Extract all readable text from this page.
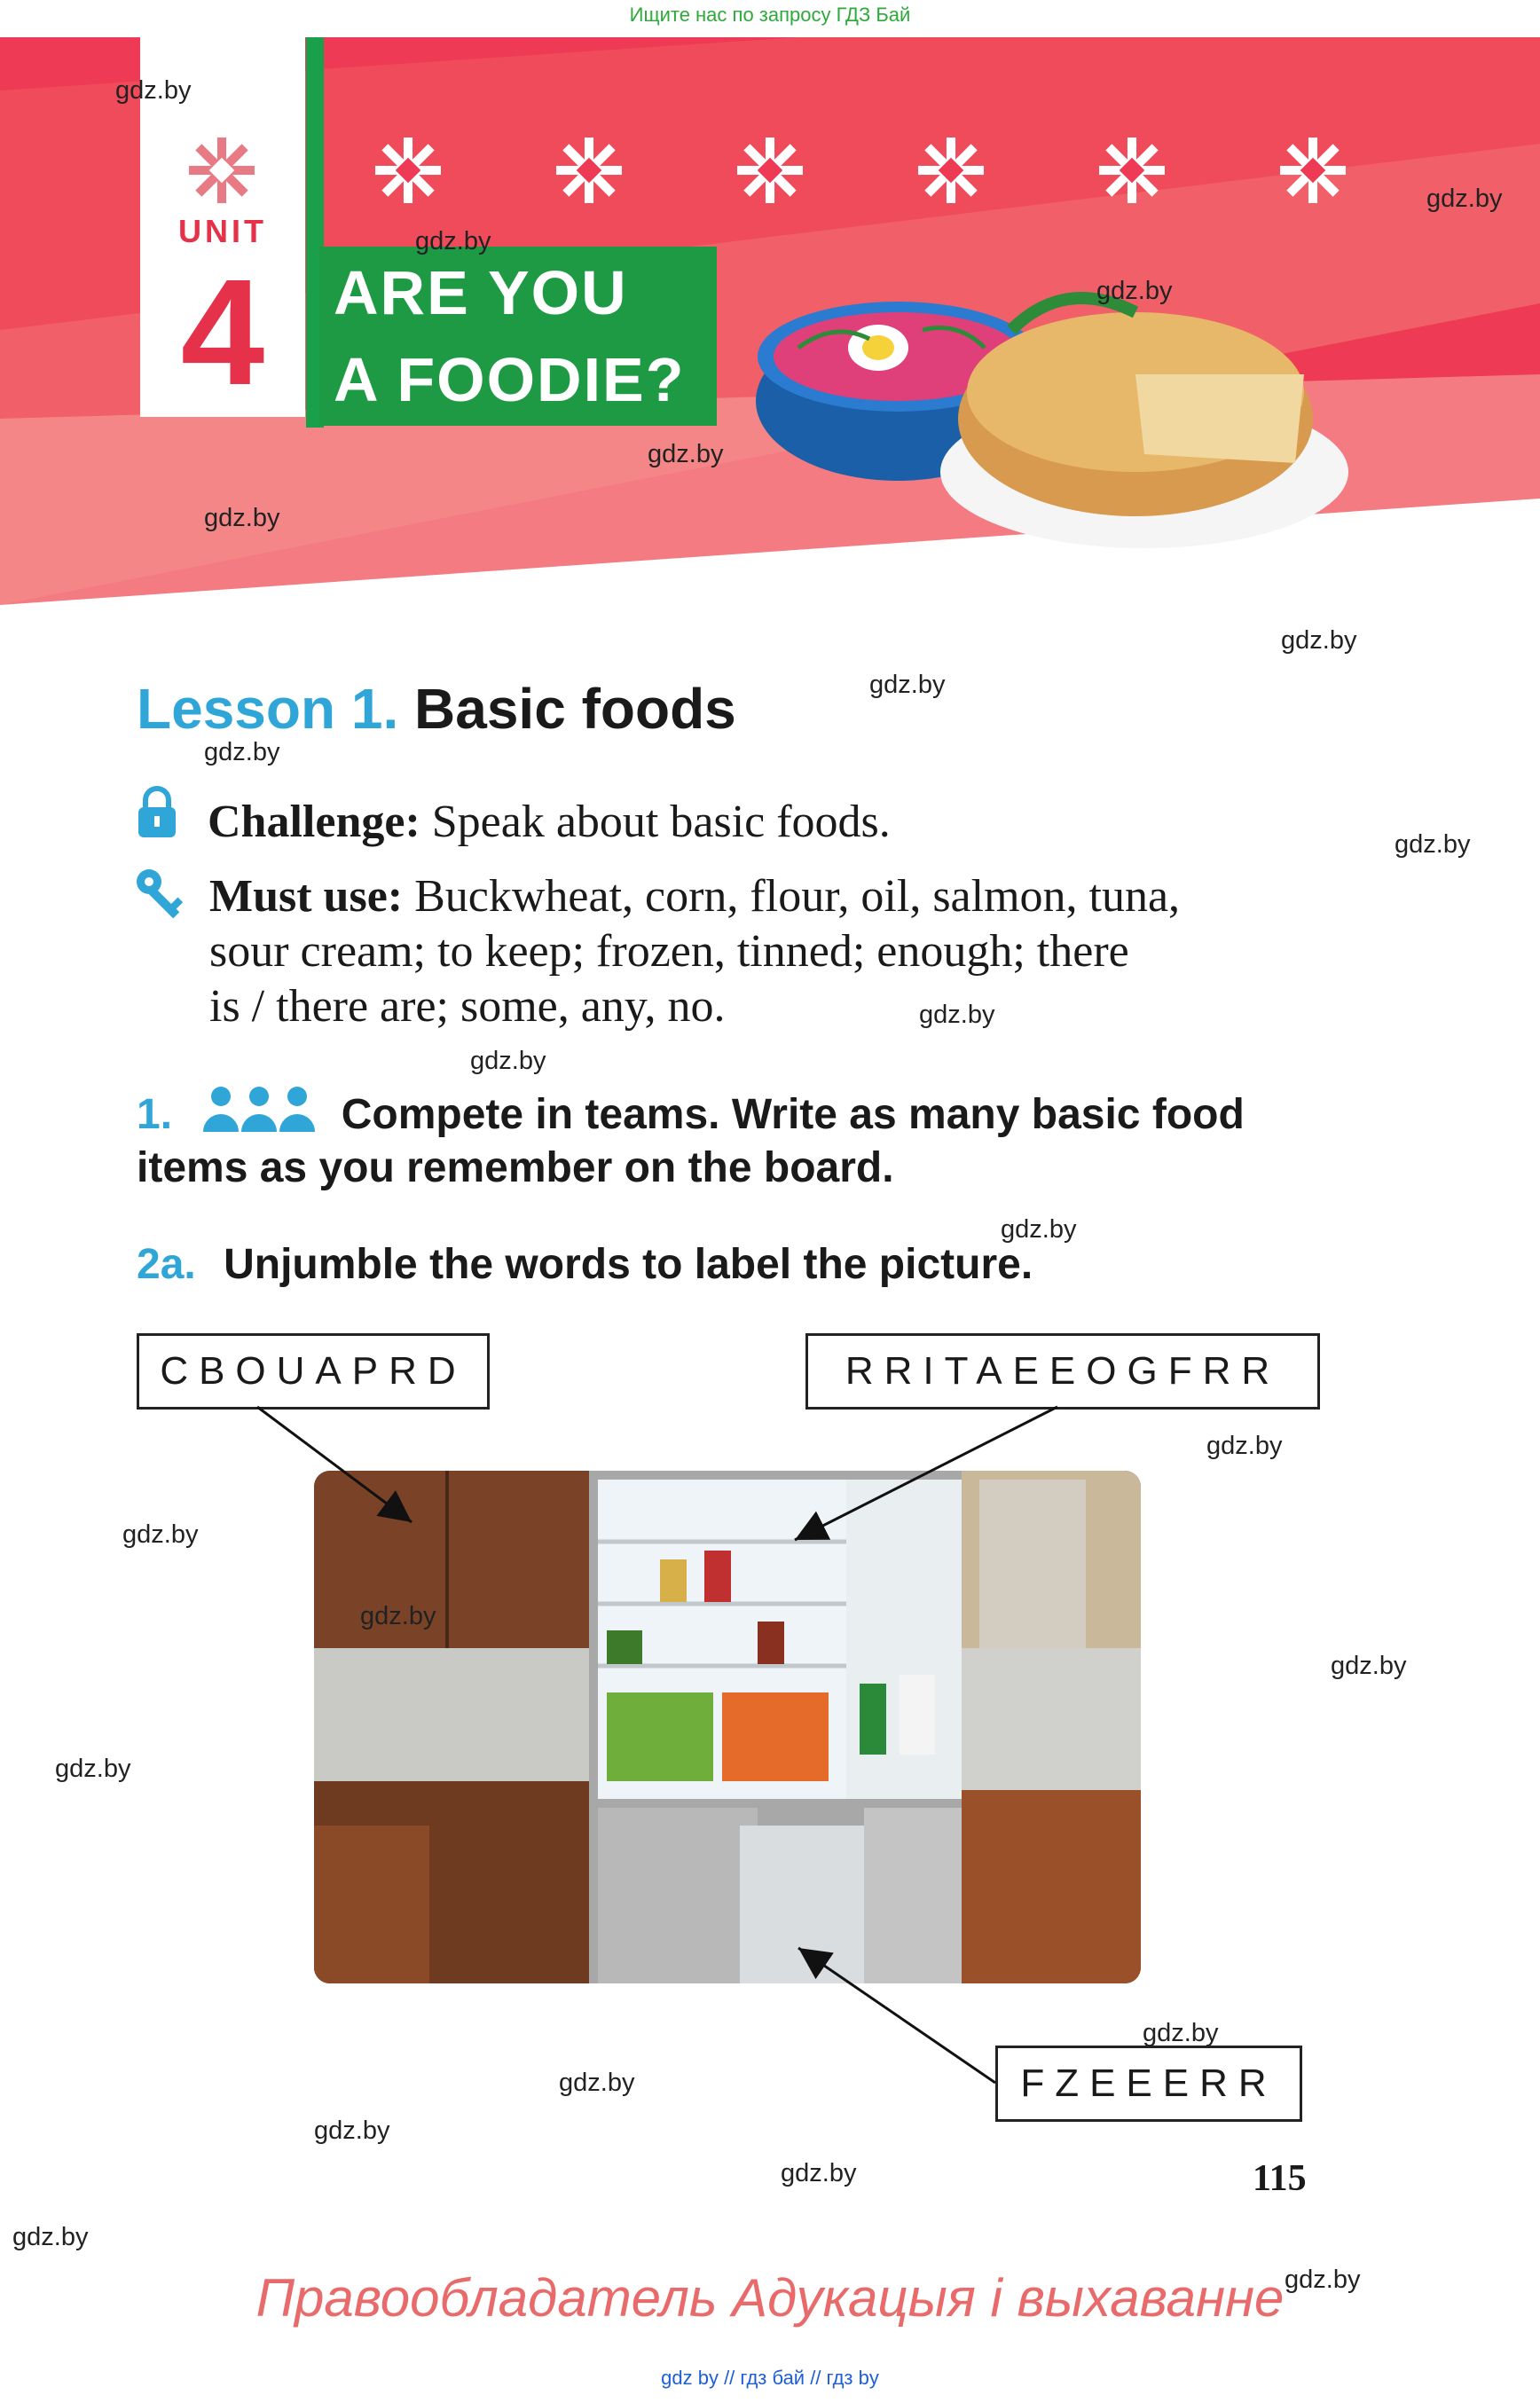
Ищите нас по запросу ГДЗ Бай
UNIT
4	ARE YOU
A FOODIE?
Lesson 1. Basic foods
Challenge: Speak about basic foods.
Must use: Buckwheat, corn, flour, oil, salmon, tuna,
sour cream; to keep; frozen, tinned; enough; there
is / there are; some, any, no.
1.	Compete in teams. Write as many basic food
items as you remember on the board.
2a. Unjumble the words to label the picture.
CBOUAPRD	RRITAEEOGFRR
FZEEERR
115
Правообладатель Адукацыя і выхаванне
gdz by // гдз бай // гдз by
gdz.by
gdz.by
gdz.by
gdz.by
gdz.by
gdz.by
gdz.by
gdz.by
gdz.by
gdz.by
gdz.by
gdz.by
gdz.by
gdz.by
gdz.by
gdz.by
gdz.by
gdz.by
gdz.by
gdz.by
gdz.by
gdz.by
gdz.by
gdz.by
